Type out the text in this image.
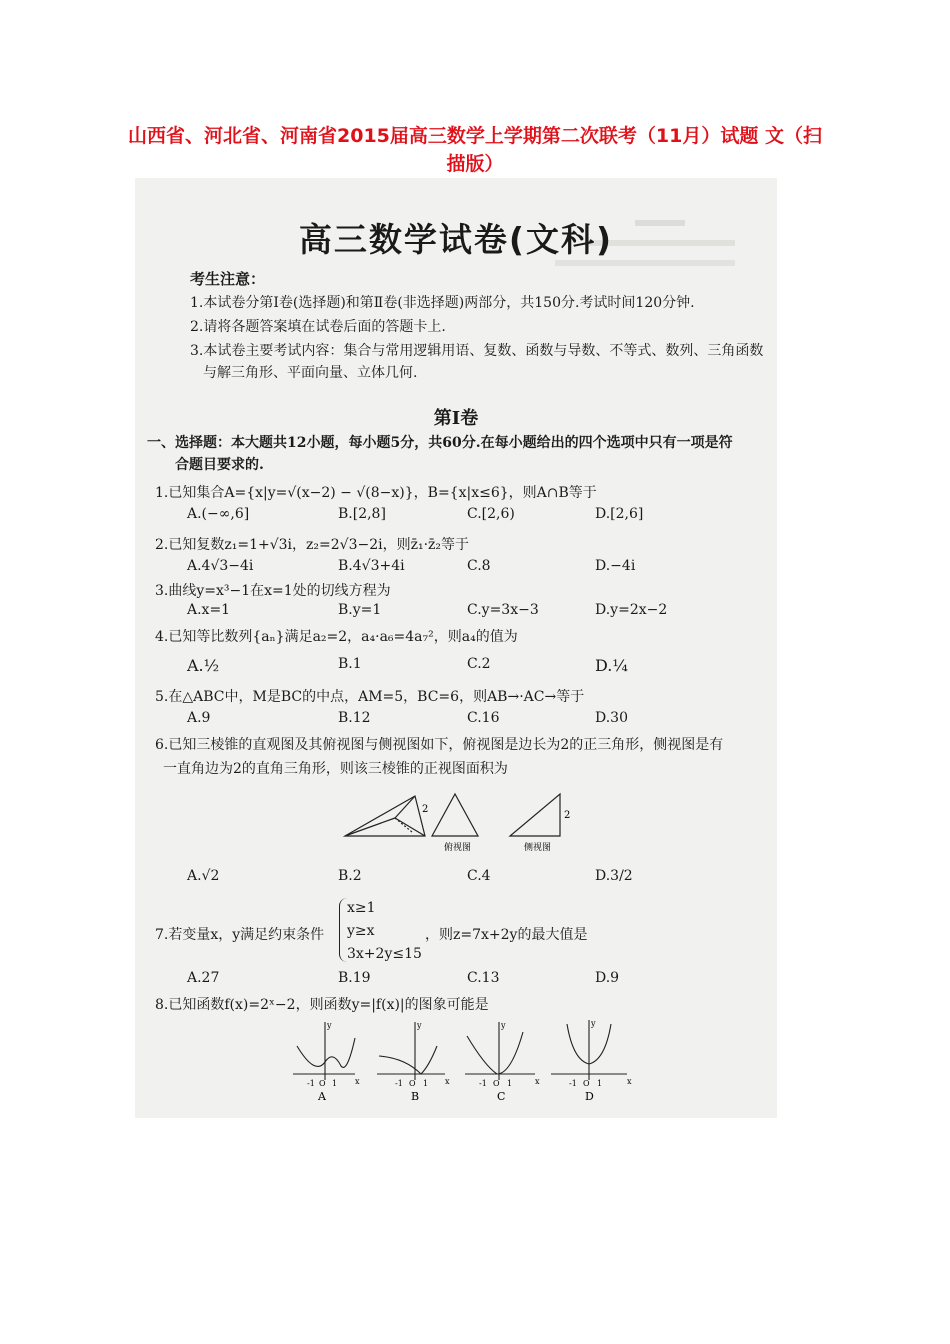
山西省、河北省、河南省2015届高三数学上学期第二次联考（11月）试题 文（扫描版）
高三数学试卷(文科)
考生注意：
1.本试卷分第Ⅰ卷(选择题)和第Ⅱ卷(非选择题)两部分，共150分.考试时间120分钟.
2.请将各题答案填在试卷后面的答题卡上.
3.本试卷主要考试内容：集合与常用逻辑用语、复数、函数与导数、不等式、数列、三角函数
与解三角形、平面向量、立体几何.
第Ⅰ卷
一、选择题：本大题共12小题，每小题5分，共60分.在每小题给出的四个选项中只有一项是符
合题目要求的.
1.已知集合A={x|y=√(x−2) − √(8−x)}，B={x|x≤6}，则A∩B等于
A.(−∞,6]	B.[2,8]	C.[2,6)	D.[2,6]
2.已知复数z₁=1+√3i，z₂=2√3−2i，则z̄₁·z̄₂等于
A.4√3−4i	B.4√3+4i	C.8	D.−4i
3.曲线y=x³−1在x=1处的切线方程为
A.x=1	B.y=1	C.y=3x−3	D.y=2x−2
4.已知等比数列{aₙ}满足a₂=2，a₄·a₆=4a₇²，则a₄的值为
A.½	B.1	C.2	D.¼
5.在△ABC中，M是BC的中点，AM=5，BC=6，则AB→·AC→等于
A.9	B.12	C.16	D.30
6.已知三棱锥的直观图及其俯视图与侧视图如下，俯视图是边长为2的正三角形，侧视图是有
一直角边为2的直角三角形，则该三棱锥的正视图面积为
2
俯视图
2
侧视图
A.√2	B.2	C.4	D.3/2
7.若变量x，y满足约束条件
x≥1
y≥x
3x+2y≤15
，则z=7x+2y的最大值是
A.27	B.19	C.13	D.9
8.已知函数f(x)=2ˣ−2，则函数y=|f(x)|的图象可能是
y
x
-1 O 1
A
y
x
-1 O 1
B
y
x
-1 O 1
C
y
x
-1 O 1
D
